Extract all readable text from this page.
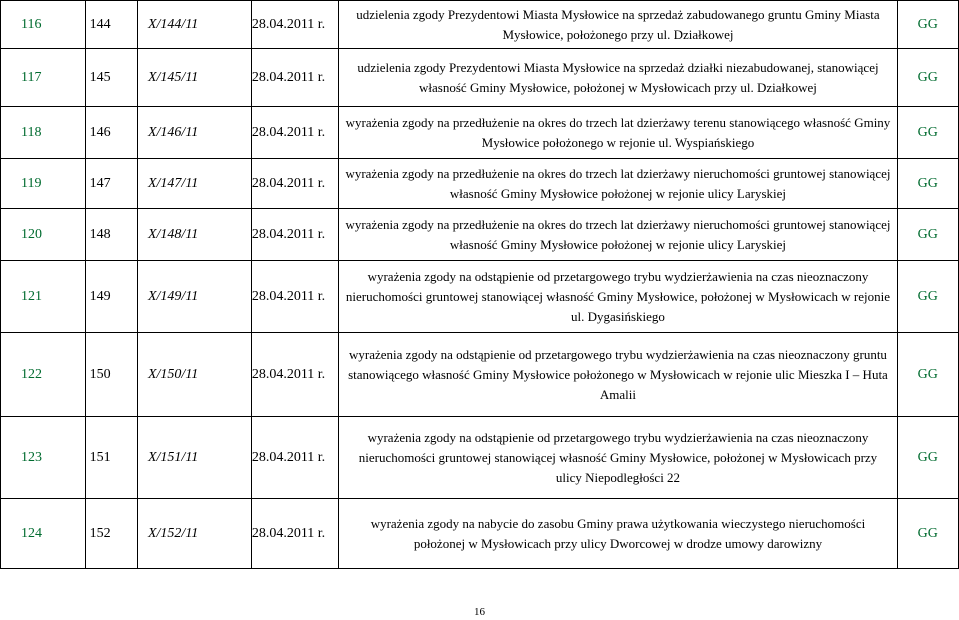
116	144	X/144/11	28.04.2011 r.	udzielenia zgody Prezydentowi Miasta Mysłowice na sprzedaż zabudowanego gruntu Gminy Miasta Mysłowice, położonego przy ul. Działkowej	GG
117	145	X/145/11	28.04.2011 r.	udzielenia zgody Prezydentowi Miasta Mysłowice na sprzedaż działki niezabudowanej, stanowiącej własność Gminy Mysłowice, położonej w Mysłowicach przy ul. Działkowej	GG
118	146	X/146/11	28.04.2011 r.	wyrażenia zgody na przedłużenie na okres do trzech lat dzierżawy terenu stanowiącego własność Gminy Mysłowice położonego w rejonie ul. Wyspiańskiego	GG
119	147	X/147/11	28.04.2011 r.	wyrażenia zgody na przedłużenie na okres do trzech lat dzierżawy nieruchomości gruntowej stanowiącej własność Gminy Mysłowice położonej w rejonie ulicy Laryskiej	GG
120	148	X/148/11	28.04.2011 r.	wyrażenia zgody na przedłużenie na okres do trzech lat dzierżawy nieruchomości gruntowej stanowiącej własność Gminy Mysłowice położonej w rejonie ulicy Laryskiej	GG
121	149	X/149/11	28.04.2011 r.	wyrażenia zgody na odstąpienie od przetargowego trybu wydzierżawienia na czas nieoznaczony nieruchomości gruntowej stanowiącej własność Gminy Mysłowice, położonej w Mysłowicach w rejonie ul. Dygasińskiego	GG
122	150	X/150/11	28.04.2011 r.	wyrażenia zgody na odstąpienie od przetargowego trybu wydzierżawienia na czas nieoznaczony gruntu stanowiącego własność Gminy Mysłowice położonego w Mysłowicach w rejonie ulic Mieszka I – Huta Amalii	GG
123	151	X/151/11	28.04.2011 r.	wyrażenia zgody na odstąpienie od przetargowego trybu wydzierżawienia na czas nieoznaczony nieruchomości gruntowej stanowiącej własność Gminy Mysłowice, położonej w Mysłowicach przy ulicy Niepodległości 22	GG
124	152	X/152/11	28.04.2011 r.	wyrażenia zgody na nabycie do zasobu Gminy prawa użytkowania wieczystego nieruchomości położonej w Mysłowicach przy ulicy Dworcowej w drodze umowy darowizny	GG
16
